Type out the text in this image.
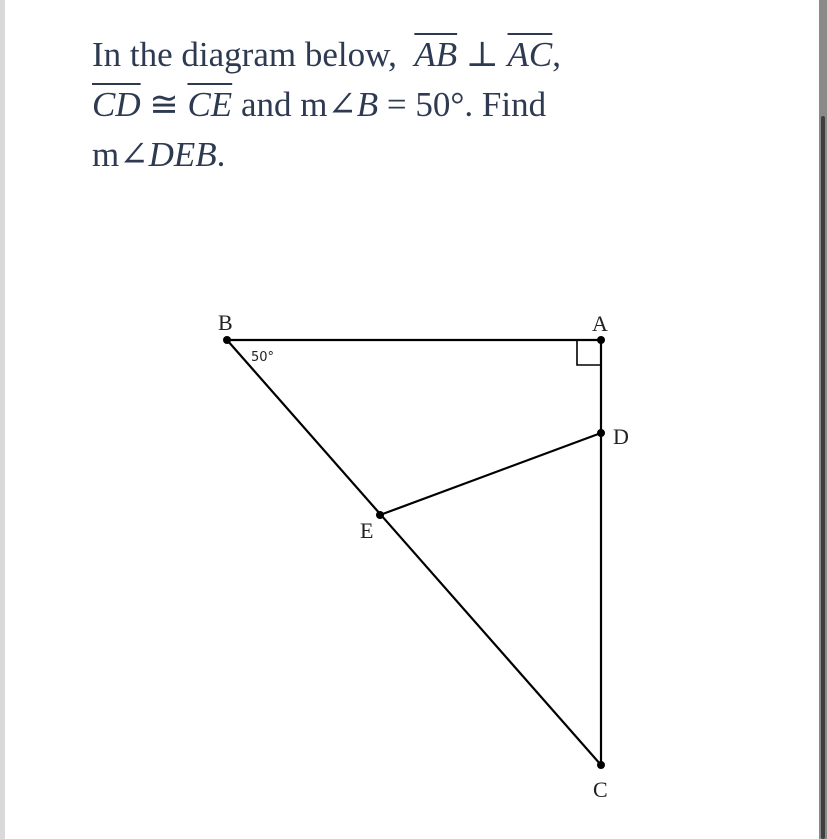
In the diagram below, $\overline{AB}$ ⊥ $\overline{AC}$,
$\overline{CD}$ ≅ $\overline{CE}$ and m∠B = 50°. Find
m∠DEB.
B	A
D
E
C
50°
